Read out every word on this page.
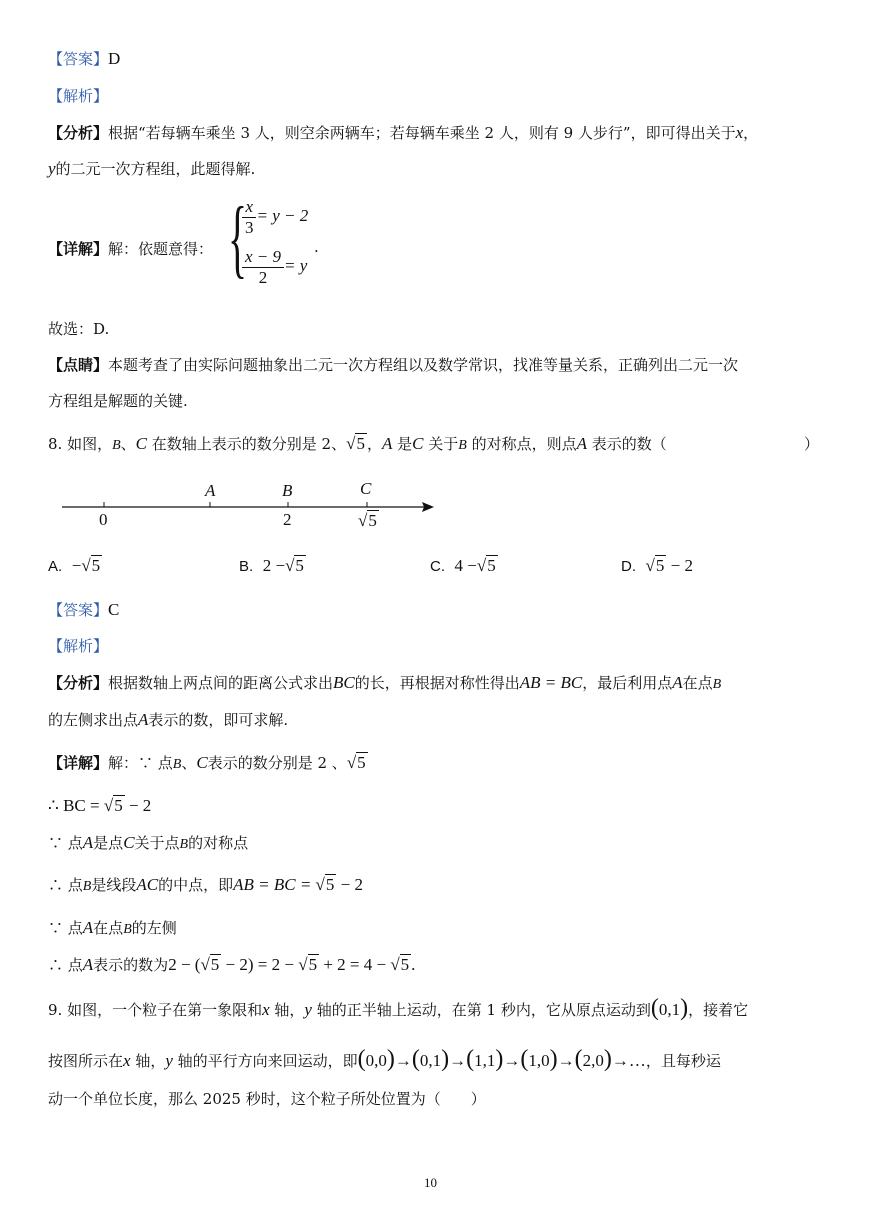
【答案】D
【解析】
【分析】根据“若每辆车乘坐 3 人，则空余两辆车；若每辆车乘坐 2 人，则有 9 人步行”，即可得出关于x，
y的二元一次方程组，此题得解.
【详解】解：依题意得： {
$\frac{x}{3} = y - 2$
$\frac{x - 9}{2} = y$
.
故选：D.
【点睛】本题考查了由实际问题抽象出二元一次方程组以及数学常识，找准等量关系，正确列出二元一次
方程组是解题的关键.
8. 如图，B、C 在数轴上表示的数分别是 2、√5 ，A 是C 关于B 的对称点，则点A 表示的数（	）
A	B	C
0	2	√5
A. −√5	B. 2 −√5	C. 4 −√5	D. √5 − 2
【答案】C
【解析】
【分析】根据数轴上两点间的距离公式求出BC的长，再根据对称性得出AB = BC，最后利用点A在点B
的左侧求出点A表示的数，即可求解.
【详解】解：∵ 点B、C表示的数分别是 2 、√5
∴ BC = √5 − 2
∵ 点A是点C关于点B的对称点
∴ 点B是线段AC的中点，即AB = BC = √5 − 2
∵ 点A在点B的左侧
∴ 点A表示的数为2 − (√5 − 2) = 2 − √5 + 2 = 4 − √5 .
9. 如图，一个粒子在第一象限和x 轴，y 轴的正半轴上运动，在第 1 秒内，它从原点运动到(0,1)，接着它
按图所示在x 轴，y 轴的平行方向来回运动，即(0,0)→(0,1)→(1,1)→(1,0)→(2,0)→…，且每秒运
动一个单位长度，那么 2025 秒时，这个粒子所处位置为（　　）
10
